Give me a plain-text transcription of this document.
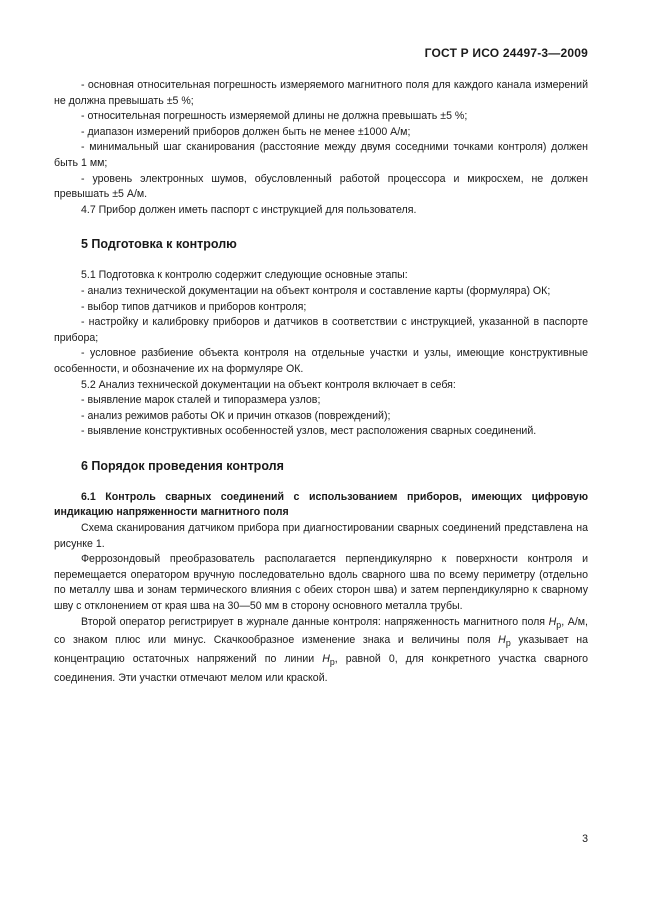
ГОСТ Р ИСО 24497-3—2009

- основная относительная погрешность измеряемого магнитного поля для каждого канала измерений не должна превышать ±5 %;

- относительная погрешность измеряемой длины не должна превышать ±5 %;

- диапазон измерений приборов должен быть не менее ±1000 А/м;

- минимальный шаг сканирования (расстояние между двумя соседними точками контроля) должен быть 1 мм;

- уровень электронных шумов, обусловленный работой процессора и микросхем, не должен превышать ±5 А/м.

4.7 Прибор должен иметь паспорт с инструкцией для пользователя.

5 Подготовка к контролю

5.1 Подготовка к контролю содержит следующие основные этапы:

- анализ технической документации на объект контроля и составление карты (формуляра) ОК;

- выбор типов датчиков и приборов контроля;

- настройку и калибровку приборов и датчиков в соответствии с инструкцией, указанной в паспорте прибора;

- условное разбиение объекта контроля на отдельные участки и узлы, имеющие конструктивные особенности, и обозначение их на формуляре ОК.

5.2 Анализ технической документации на объект контроля включает в себя:

- выявление марок сталей и типоразмера узлов;

- анализ режимов работы ОК и причин отказов (повреждений);

- выявление конструктивных особенностей узлов, мест расположения сварных соединений.

6 Порядок проведения контроля

6.1 Контроль сварных соединений с использованием приборов, имеющих цифровую индикацию напряженности магнитного поля

Схема сканирования датчиком прибора при диагностировании сварных соединений представлена на рисунке 1.

Феррозондовый преобразователь располагается перпендикулярно к поверхности контроля и перемещается оператором вручную последовательно вдоль сварного шва по всему периметру (отдельно по металлу шва и зонам термического влияния с обеих сторон шва) и затем перпендикулярно к сварному шву с отклонением от края шва на 30—50 мм в сторону основного металла трубы.

Второй оператор регистрирует в журнале данные контроля: напряженность магнитного поля $H_p$, А/м, со знаком плюс или минус. Скачкообразное изменение знака и величины поля $H_p$ указывает на концентрацию остаточных напряжений по линии $H_p$, равной 0, для конкретного участка сварного соединения. Эти участки отмечают мелом или краской.

3
